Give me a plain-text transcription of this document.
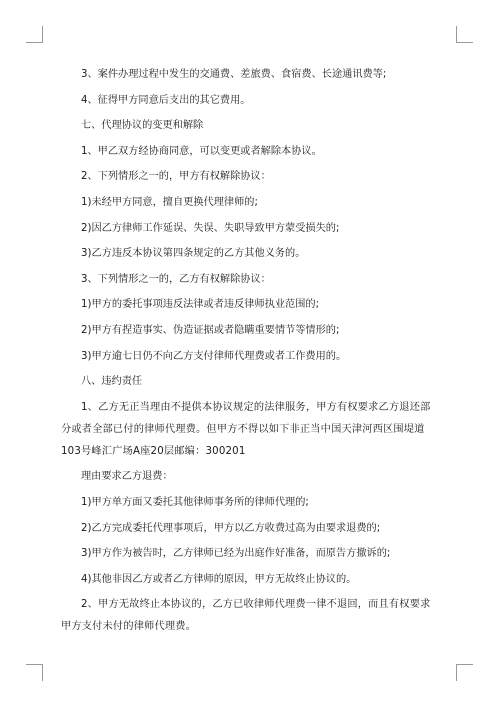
3、案件办理过程中发生的交通费、差旅费、食宿费、长途通讯费等;

4、征得甲方同意后支出的其它费用。

七、代理协议的变更和解除

1、甲乙双方经协商同意，可以变更或者解除本协议。

2、下列情形之一的，甲方有权解除协议：

1)未经甲方同意，擅自更换代理律师的;

2)因乙方律师工作延误、失误、失职导致甲方蒙受损失的;

3)乙方违反本协议第四条规定的乙方其他义务的。

3、下列情形之一的，乙方有权解除协议：

1)甲方的委托事项违反法律或者违反律师执业范围的;

2)甲方有捏造事实、伪造证据或者隐瞒重要情节等情形的;

3)甲方逾七日仍不向乙方支付律师代理费或者工作费用的。

八、违约责任

1、乙方无正当理由不提供本协议规定的法律服务，甲方有权要求乙方退还部分或者全部已付的律师代理费。但甲方不得以如下非正当中国天津河西区围堤道103号峰汇广场A座20层邮编：300201

理由要求乙方退费：

1)甲方单方面又委托其他律师事务所的律师代理的;

2)乙方完成委托代理事项后，甲方以乙方收费过高为由要求退费的;

3)甲方作为被告时，乙方律师已经为出庭作好准备，而原告方撤诉的;

4)其他非因乙方或者乙方律师的原因，甲方无故终止协议的。

2、甲方无故终止本协议的，乙方已收律师代理费一律不退回，而且有权要求甲方支付未付的律师代理费。
